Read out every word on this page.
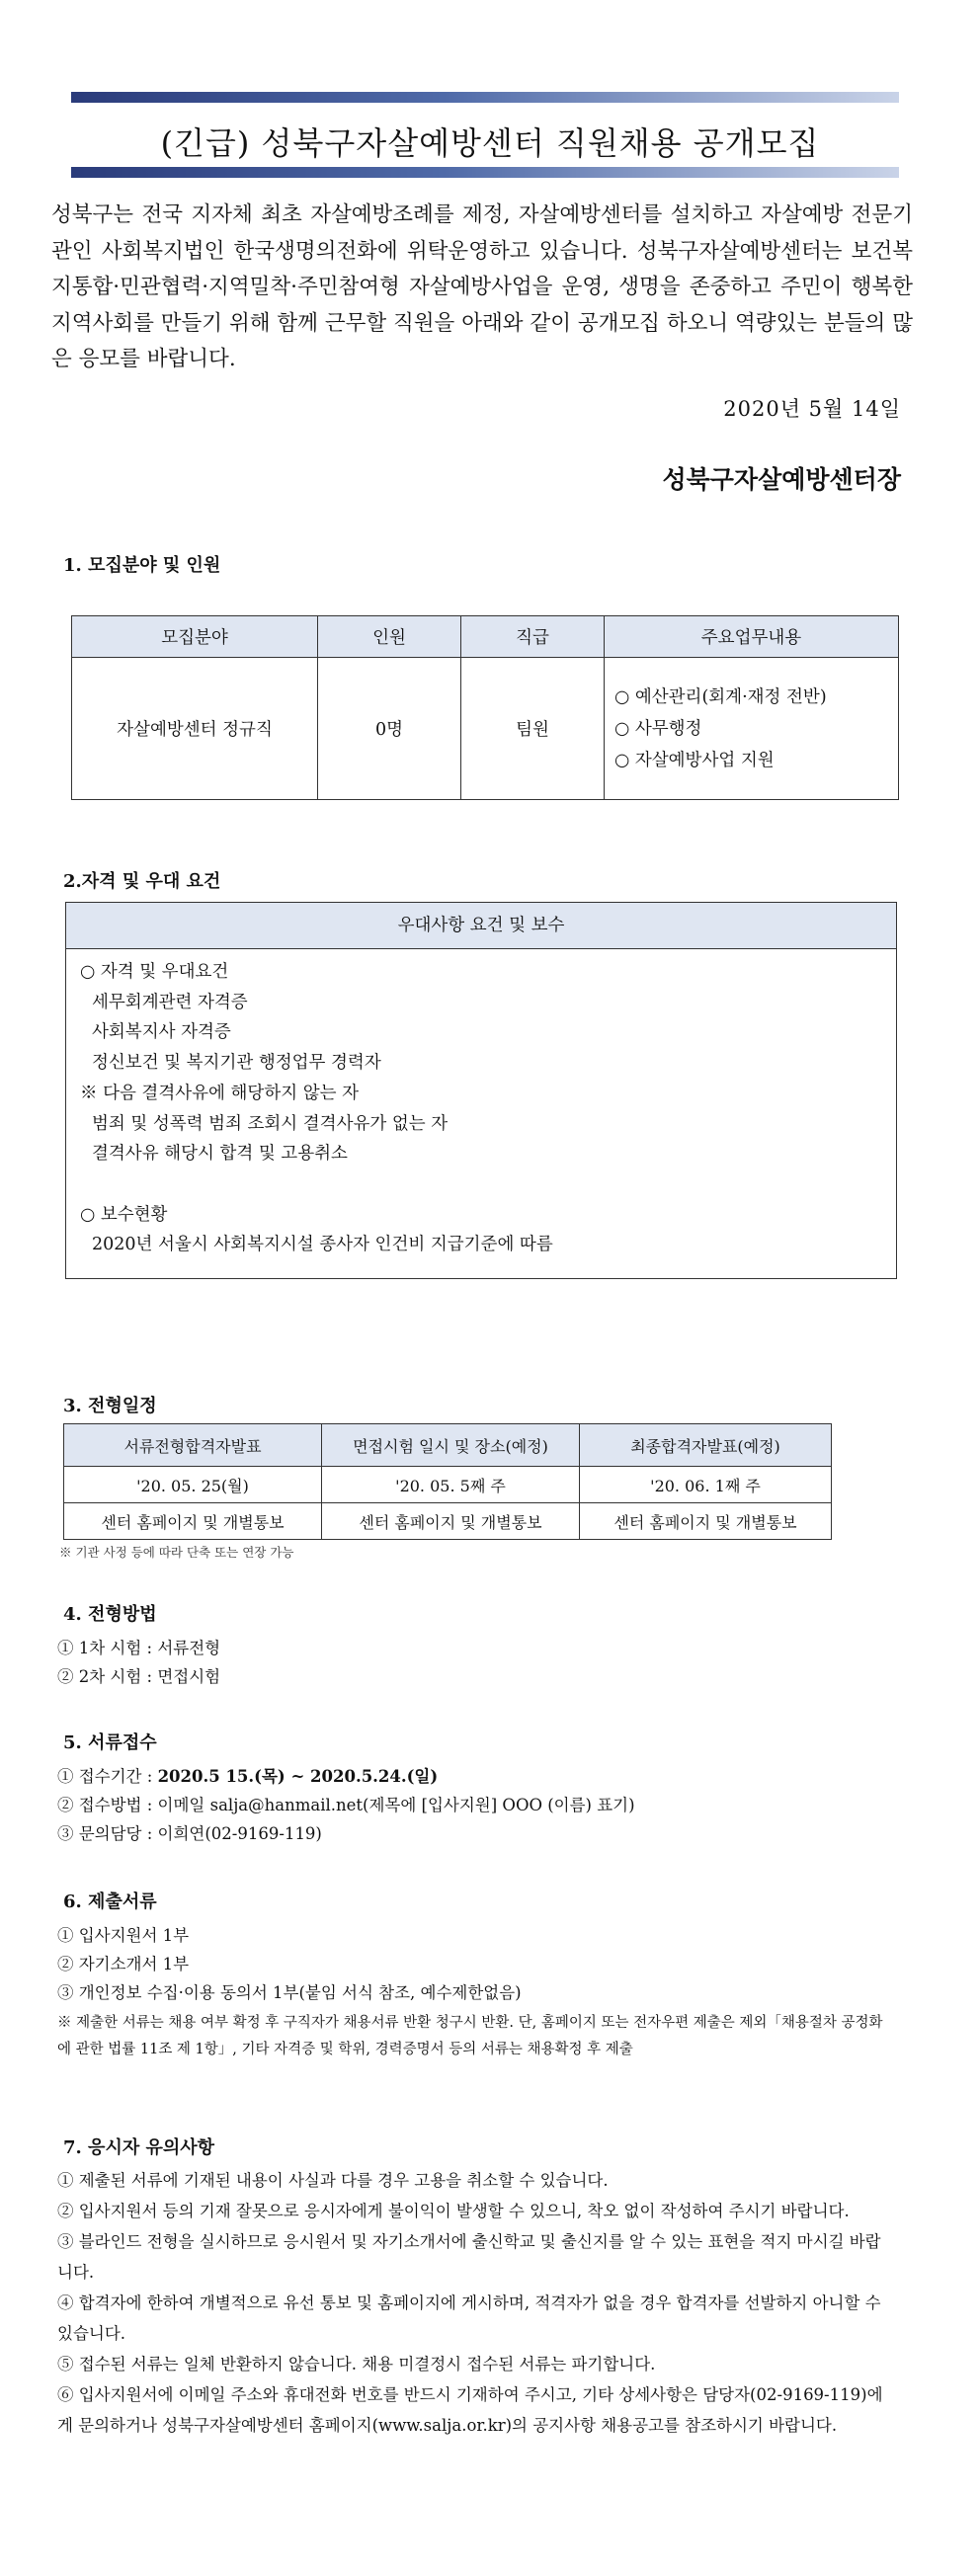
(긴급) 성북구자살예방센터 직원채용 공개모집
성북구는 전국 지자체 최초 자살예방조례를 제정, 자살예방센터를 설치하고 자살예방 전문기관인 사회복지법인 한국생명의전화에 위탁운영하고 있습니다. 성북구자살예방센터는 보건복지통합·민관협력·지역밀착·주민참여형 자살예방사업을 운영, 생명을 존중하고 주민이 행복한 지역사회를 만들기 위해 함께 근무할 직원을 아래와 같이 공개모집 하오니 역량있는 분들의 많은 응모를 바랍니다.
2020년 5월 14일
성북구자살예방센터장
1. 모집분야 및 인원
모집분야	인원	직급	주요업무내용
자살예방센터 정규직	0명	팀원	○ 예산관리(회계·재정 전반)
○ 사무행정
○ 자살예방사업 지원
2.자격 및 우대 요건
우대사항 요건 및 보수
○ 자격 및 우대요건
세무회계관련 자격증
사회복지사 자격증
정신보건 및 복지기관 행정업무 경력자
※ 다음 결격사유에 해당하지 않는 자
범죄 및 성폭력 범죄 조회시 결격사유가 없는 자
결격사유 해당시 합격 및 고용취소
○ 보수현황
2020년 서울시 사회복지시설 종사자 인건비 지급기준에 따름
3. 전형일정
서류전형합격자발표	면접시험 일시 및 장소(예정)	최종합격자발표(예정)
'20. 05. 25(월)	'20. 05. 5째 주	'20. 06. 1째 주
센터 홈페이지 및 개별통보	센터 홈페이지 및 개별통보	센터 홈페이지 및 개별통보
※ 기관 사정 등에 따라 단축 또는 연장 가능
4. 전형방법
① 1차 시험 : 서류전형
② 2차 시험 : 면접시험
5. 서류접수
① 접수기간 : 2020.5 15.(목) ~ 2020.5.24.(일)
② 접수방법 : 이메일 salja@hanmail.net(제목에 [입사지원] OOO (이름) 표기)
③ 문의담당 : 이희연(02-9169-119)
6. 제출서류
① 입사지원서 1부
② 자기소개서 1부
③ 개인정보 수집·이용 동의서 1부(붙임 서식 참조, 예수제한없음)
※ 제출한 서류는 채용 여부 확정 후 구직자가 채용서류 반환 청구시 반환. 단, 홈페이지 또는 전자우편 제출은 제외「채용절차 공정화에 관한 법률 11조 제 1항」, 기타 자격증 및 학위, 경력증명서 등의 서류는 채용확정 후 제출
7. 응시자 유의사항
① 제출된 서류에 기재된 내용이 사실과 다를 경우 고용을 취소할 수 있습니다.
② 입사지원서 등의 기재 잘못으로 응시자에게 불이익이 발생할 수 있으니, 착오 없이 작성하여 주시기 바랍니다.
③ 블라인드 전형을 실시하므로 응시원서 및 자기소개서에 출신학교 및 출신지를 알 수 있는 표현을 적지 마시길 바랍니다.
④ 합격자에 한하여 개별적으로 유선 통보 및 홈페이지에 게시하며, 적격자가 없을 경우 합격자를 선발하지 아니할 수 있습니다.
⑤ 접수된 서류는 일체 반환하지 않습니다. 채용 미결정시 접수된 서류는 파기합니다.
⑥ 입사지원서에 이메일 주소와 휴대전화 번호를 반드시 기재하여 주시고, 기타 상세사항은 담당자(02-9169-119)에게 문의하거나 성북구자살예방센터 홈페이지(www.salja.or.kr)의 공지사항 채용공고를 참조하시기 바랍니다.
